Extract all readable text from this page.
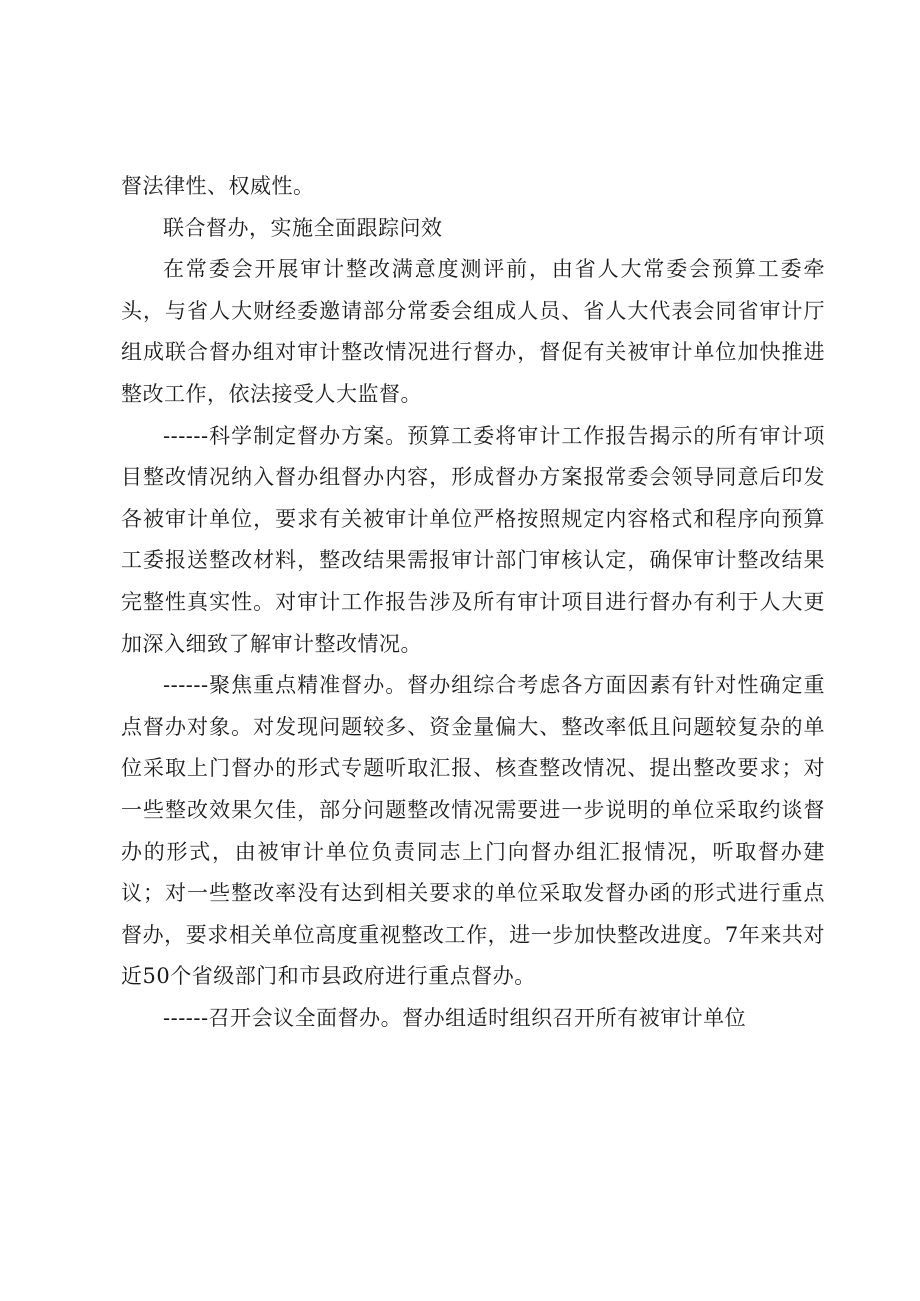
督法律性、权威性。

联合督办，实施全面跟踪问效

在常委会开展审计整改满意度测评前，由省人大常委会预算工委牵头，与省人大财经委邀请部分常委会组成人员、省人大代表会同省审计厅组成联合督办组对审计整改情况进行督办，督促有关被审计单位加快推进整改工作，依法接受人大监督。

------科学制定督办方案。预算工委将审计工作报告揭示的所有审计项目整改情况纳入督办组督办内容，形成督办方案报常委会领导同意后印发各被审计单位，要求有关被审计单位严格按照规定内容格式和程序向预算工委报送整改材料，整改结果需报审计部门审核认定，确保审计整改结果完整性真实性。对审计工作报告涉及所有审计项目进行督办有利于人大更加深入细致了解审计整改情况。

------聚焦重点精准督办。督办组综合考虑各方面因素有针对性确定重点督办对象。对发现问题较多、资金量偏大、整改率低且问题较复杂的单位采取上门督办的形式专题听取汇报、核查整改情况、提出整改要求；对一些整改效果欠佳，部分问题整改情况需要进一步说明的单位采取约谈督办的形式，由被审计单位负责同志上门向督办组汇报情况，听取督办建议；对一些整改率没有达到相关要求的单位采取发督办函的形式进行重点督办，要求相关单位高度重视整改工作，进一步加快整改进度。7年来共对近50个省级部门和市县政府进行重点督办。

------召开会议全面督办。督办组适时组织召开所有被审计单位
